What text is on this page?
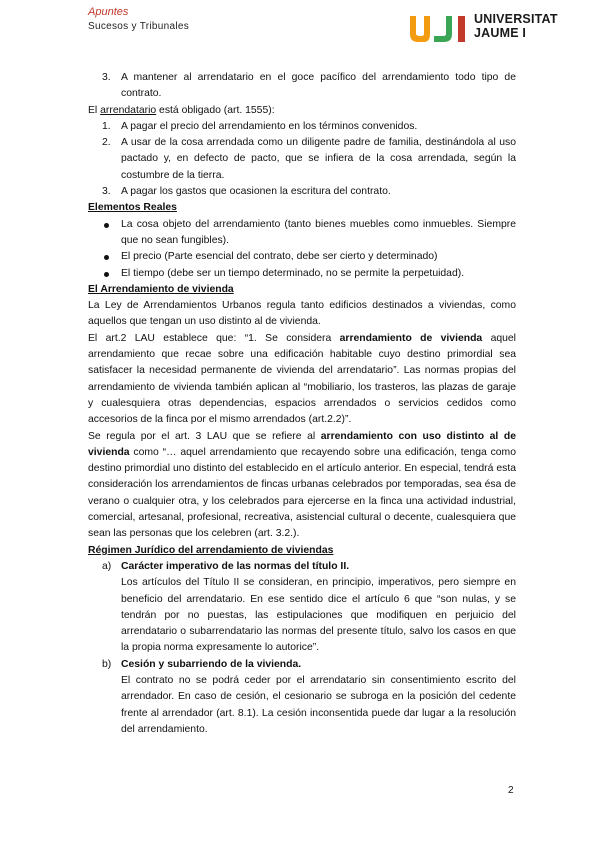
Apuntes
Sucesos y Tribunales
UNIVERSITAT
JAUME I
3. A mantener al arrendatario en el goce pacífico del arrendamiento todo tipo de contrato.

El arrendatario está obligado (art. 1555):

1. A pagar el precio del arrendamiento en los términos convenidos.
2. A usar de la cosa arrendada como un diligente padre de familia, destinándola al uso pactado y, en defecto de pacto, que se infiera de la cosa arrendada, según la costumbre de la tierra.
3. A pagar los gastos que ocasionen la escritura del contrato.

Elementos Reales

La cosa objeto del arrendamiento (tanto bienes muebles como inmuebles. Siempre que no sean fungibles).
El precio (Parte esencial del contrato, debe ser cierto y determinado)
El tiempo (debe ser un tiempo determinado, no se permite la perpetuidad).

El Arrendamiento de vivienda

La Ley de Arrendamientos Urbanos regula tanto edificios destinados a viviendas, como aquellos que tengan un uso distinto al de vivienda.

El art.2 LAU establece que: “1. Se considera arrendamiento de vivienda aquel arrendamiento que recae sobre una edificación habitable cuyo destino primordial sea satisfacer la necesidad permanente de vivienda del arrendatario”. Las normas propias del arrendamiento de vivienda también aplican al “mobiliario, los trasteros, las plazas de garaje y cualesquiera otras dependencias, espacios arrendados o servicios cedidos como accesorios de la finca por el mismo arrendados (art.2.2)”.

Se regula por el art. 3 LAU que se refiere al arrendamiento con uso distinto al de vivienda como “… aquel arrendamiento que recayendo sobre una edificación, tenga como destino primordial uno distinto del establecido en el artículo anterior. En especial, tendrá esta consideración los arrendamientos de fincas urbanas celebrados por temporadas, sea ésa de verano o cualquier otra, y los celebrados para ejercerse en la finca una actividad industrial, comercial, artesanal, profesional, recreativa, asistencial cultural o decente, cualesquiera que sean las personas que los celebren (art. 3.2.).

Régimen Jurídico del arrendamiento de viviendas

a) Carácter imperativo de las normas del título II.

Los artículos del Título II se consideran, en principio, imperativos, pero siempre en beneficio del arrendatario. En ese sentido dice el artículo 6 que “son nulas, y se tendrán por no puestas, las estipulaciones que modifiquen en perjuicio del arrendatario o subarrendatario las normas del presente título, salvo los casos en que la propia norma expresamente lo autorice”.

b) Cesión y subarriendo de la vivienda.

El contrato no se podrá ceder por el arrendatario sin consentimiento escrito del arrendador. En caso de cesión, el cesionario se subroga en la posición del cedente frente al arrendador (art. 8.1). La cesión inconsentida puede dar lugar a la resolución del arrendamiento.

2
